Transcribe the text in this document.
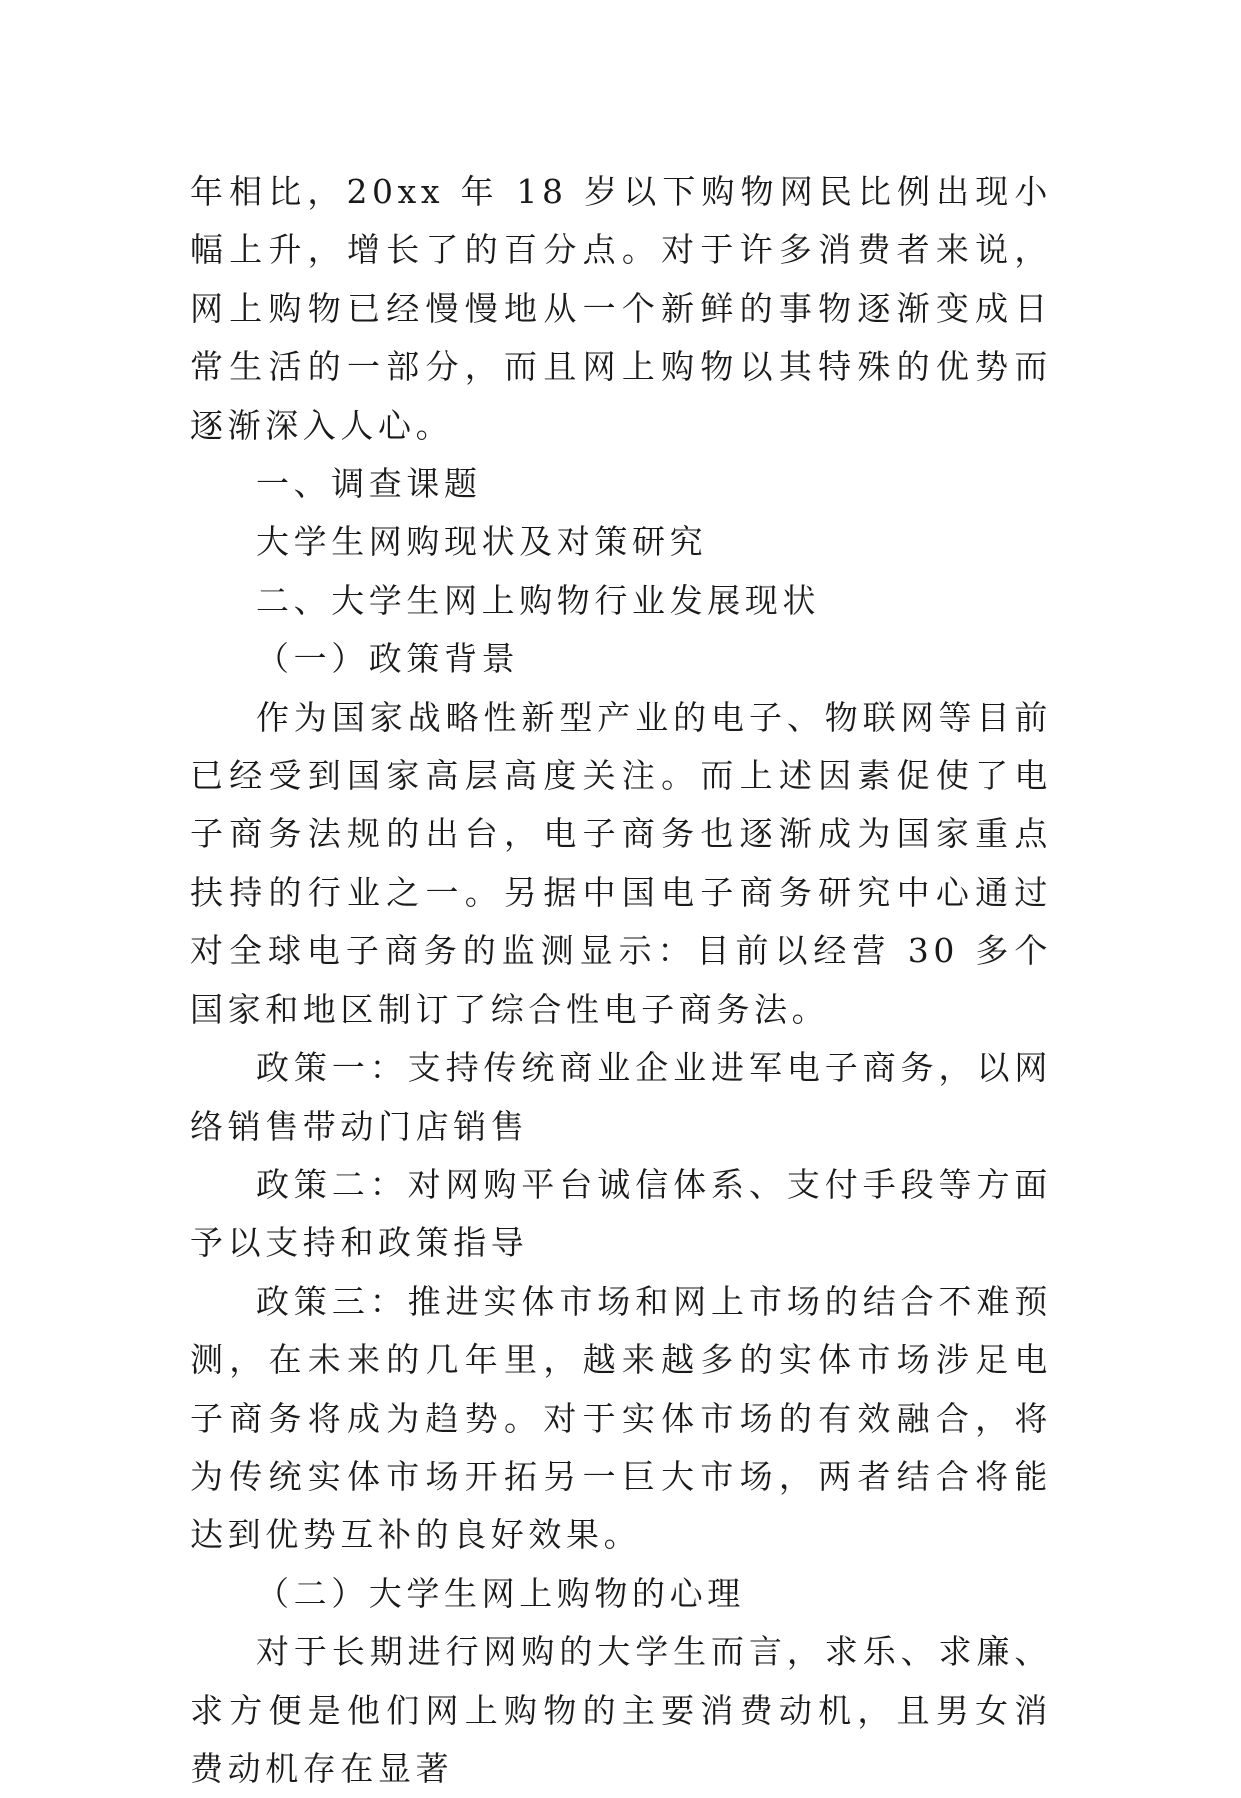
年相比，20xx 年 18 岁以下购物网民比例出现小幅上升，增长了的百分点。对于许多消费者来说，网上购物已经慢慢地从一个新鲜的事物逐渐变成日常生活的一部分，而且网上购物以其特殊的优势而逐渐深入人心。

一、调查课题

大学生网购现状及对策研究

二、大学生网上购物行业发展现状

（一）政策背景

作为国家战略性新型产业的电子、物联网等目前已经受到国家高层高度关注。而上述因素促使了电子商务法规的出台，电子商务也逐渐成为国家重点扶持的行业之一。另据中国电子商务研究中心通过对全球电子商务的监测显示：目前以经营 30 多个国家和地区制订了综合性电子商务法。

政策一：支持传统商业企业进军电子商务，以网络销售带动门店销售

政策二：对网购平台诚信体系、支付手段等方面予以支持和政策指导

政策三：推进实体市场和网上市场的结合不难预测，在未来的几年里，越来越多的实体市场涉足电子商务将成为趋势。对于实体市场的有效融合，将为传统实体市场开拓另一巨大市场，两者结合将能达到优势互补的良好效果。

（二）大学生网上购物的心理

对于长期进行网购的大学生而言，求乐、求廉、求方便是他们网上购物的主要消费动机，且男女消费动机存在显著
